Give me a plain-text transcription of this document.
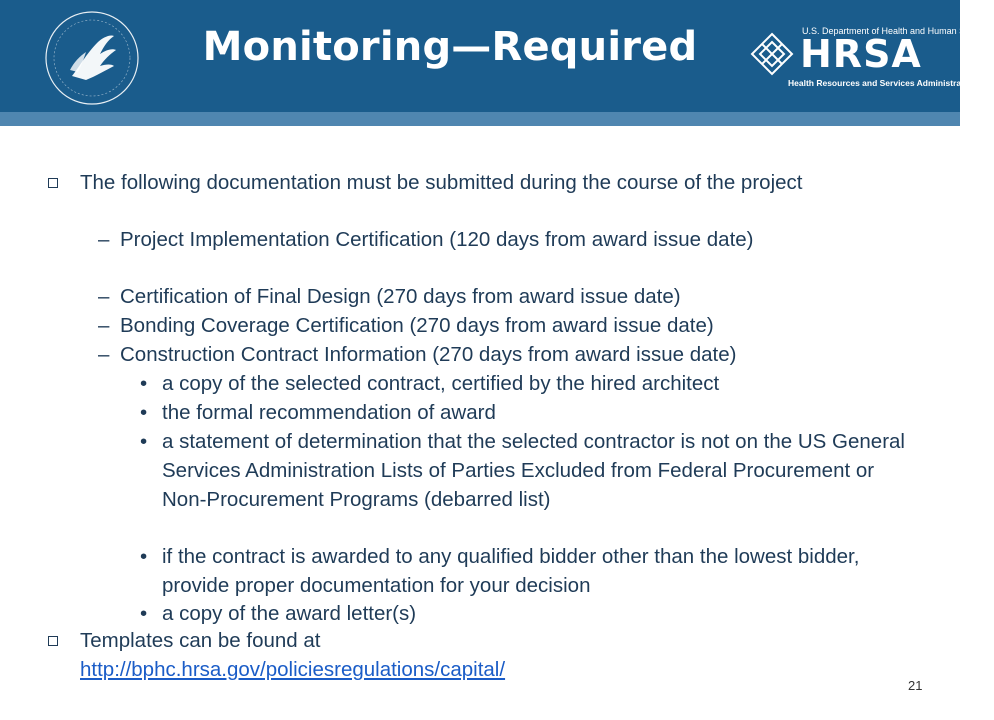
Monitoring—Required	U.S. Department of Health and Human Services
HRSA
Health Resources and Services Administration
The following documentation must be submitted during the course of the project
– Project Implementation Certification (120 days from award issue date)
– Certification of Final Design (270 days from award issue date)
– Bonding Coverage Certification (270 days from award issue date)
– Construction Contract Information (270 days from award issue date)
• a copy of the selected contract, certified by the hired architect
• the formal recommendation of award
• a statement of determination that the selected contractor is not on the US General Services Administration Lists of Parties Excluded from Federal Procurement or Non-Procurement Programs (debarred list)
• if the contract is awarded to any qualified bidder other than the lowest bidder, provide proper documentation for your decision
• a copy of the award letter(s)
Templates can be found at
http://bphc.hrsa.gov/policiesregulations/capital/
21
